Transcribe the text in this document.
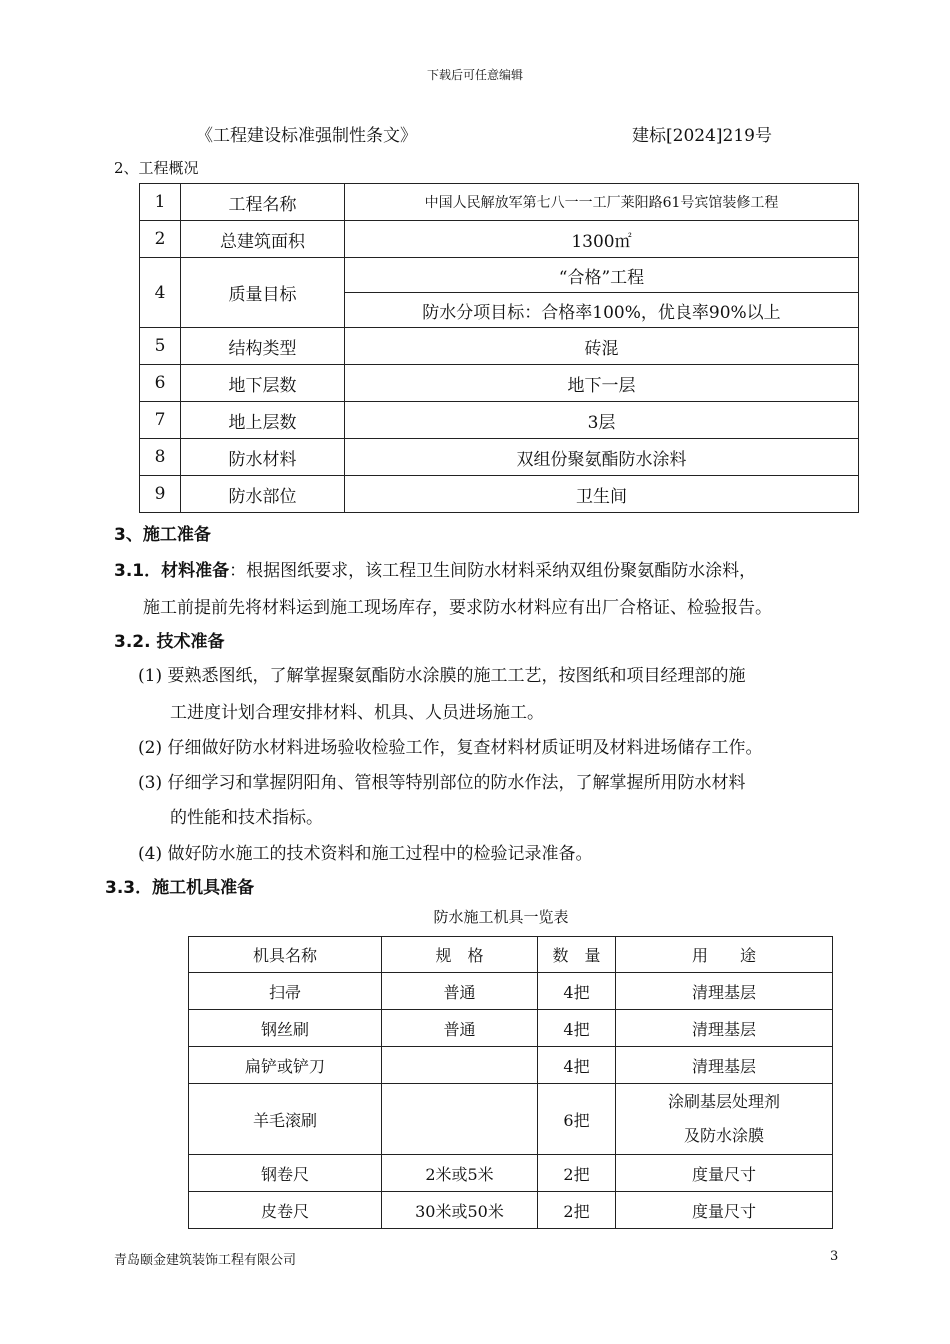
下载后可任意编辑
《工程建设标准强制性条文》	建标[2024]219号
2、工程概况
1	工程名称	中国人民解放军第七八一一工厂莱阳路61号宾馆装修工程
2	总建筑面积	1300㎡
4	质量目标	“合格”工程
		防水分项目标：合格率100%，优良率90%以上
5	结构类型	砖混
6	地下层数	地下一层
7	地上层数	3层
8	防水材料	双组份聚氨酯防水涂料
9	防水部位	卫生间
3、施工准备
3.1．材料准备：根据图纸要求，该工程卫生间防水材料采纳双组份聚氨酯防水涂料，
施工前提前先将材料运到施工现场库存，要求防水材料应有出厂合格证、检验报告。
3.2. 技术准备
(1) 要熟悉图纸，了解掌握聚氨酯防水涂膜的施工工艺，按图纸和项目经理部的施
工进度计划合理安排材料、机具、人员进场施工。
(2) 仔细做好防水材料进场验收检验工作，复查材料材质证明及材料进场储存工作。
(3) 仔细学习和掌握阴阳角、管根等特别部位的防水作法，了解掌握所用防水材料
的性能和技术指标。
(4) 做好防水施工的技术资料和施工过程中的检验记录准备。
3.3．施工机具准备
防水施工机具一览表
机具名称	规　格	数　量	用　　途
扫帚	普通	4把	清理基层
钢丝刷	普通	4把	清理基层
扁铲或铲刀		4把	清理基层
羊毛滚刷		6把	涂刷基层处理剂
及防水涂膜
钢卷尺	2米或5米	2把	度量尺寸
皮卷尺	30米或50米	2把	度量尺寸
青岛颐金建筑装饰工程有限公司	3
